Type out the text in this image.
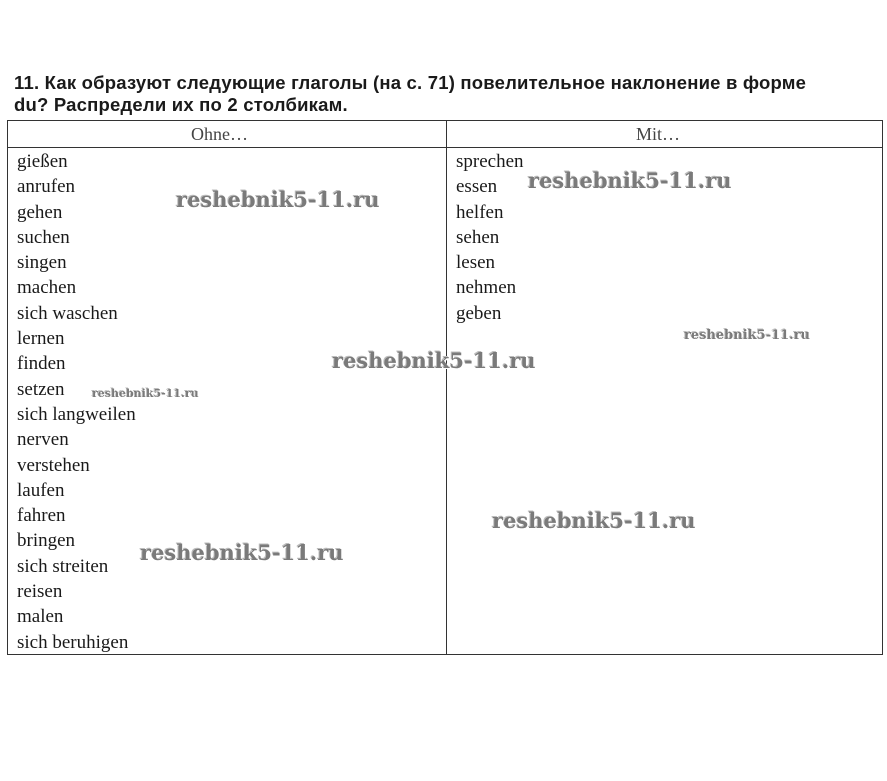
11. Как образуют следующие глаголы (на с. 71) повелительное наклонение в форме
du? Распредели их по 2 столбикам.
Ohne…	Mit…
gießen
anrufen
gehen
suchen
singen
machen
sich waschen
lernen
finden
setzen
sich langweilen
nerven
verstehen
laufen
fahren
bringen
sich streiten
reisen
malen
sich beruhigen
sprechen
essen
helfen
sehen
lesen
nehmen
geben
reshebnik5-11.ru
reshebnik5-11.ru
reshebnik5-11.ru
reshebnik5-11.ru
reshebnik5-11.ru
reshebnik5-11.ru
reshebnik5-11.ru
